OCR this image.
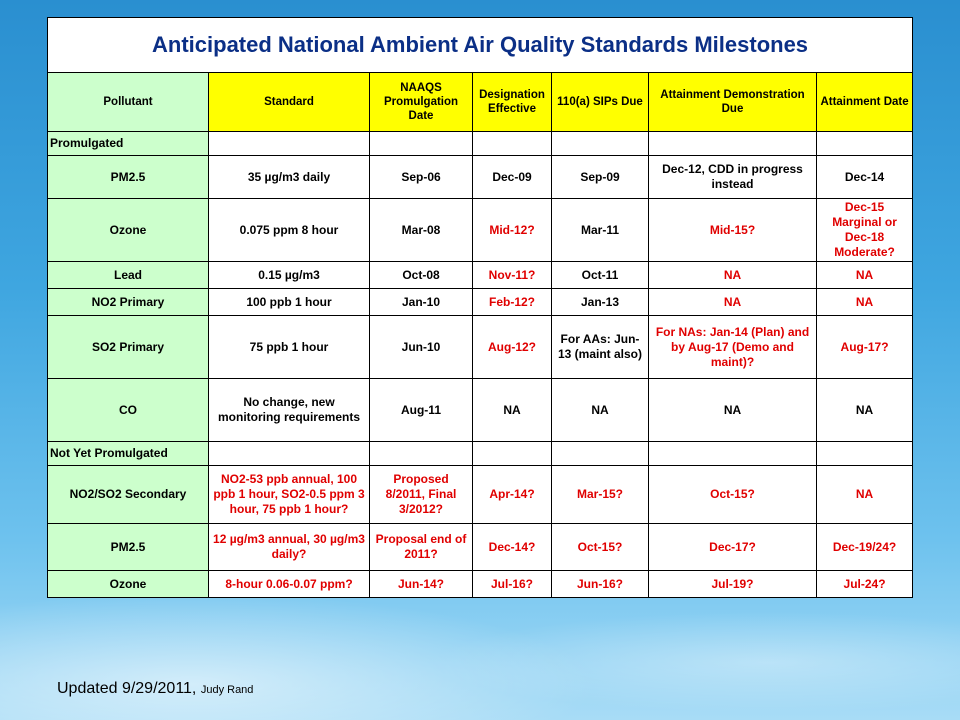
Anticipated National Ambient Air Quality Standards Milestones						
Pollutant	Standard	NAAQS Promulgation Date	Designation Effective	110(a) SIPs Due	Attainment Demonstration Due	Attainment Date
Promulgated						
PM2.5	35 µg/m3 daily	Sep-06	Dec-09	Sep-09	Dec-12, CDD in progress instead	Dec-14
Ozone	0.075 ppm 8 hour	Mar-08	Mid-12?	Mar-11	Mid-15?	Dec-15 Marginal or Dec-18 Moderate?
Lead	0.15 µg/m3	Oct-08	Nov-11?	Oct-11	NA	NA
NO2 Primary	100 ppb 1 hour	Jan-10	Feb-12?	Jan-13	NA	NA
SO2 Primary	75 ppb 1 hour	Jun-10	Aug-12?	For AAs: Jun-13 (maint also)	For NAs: Jan-14 (Plan) and by Aug-17 (Demo and maint)?	Aug-17?
CO	No change, new monitoring requirements	Aug-11	NA	NA	NA	NA
Not Yet Promulgated						
NO2/SO2 Secondary	NO2-53 ppb annual, 100 ppb 1 hour, SO2-0.5 ppm 3 hour, 75 ppb 1 hour?	Proposed 8/2011, Final 3/2012?	Apr-14?	Mar-15?	Oct-15?	NA
PM2.5	12 µg/m3 annual, 30 µg/m3 daily?	Proposal end of 2011?	Dec-14?	Oct-15?	Dec-17?	Dec-19/24?
Ozone	8-hour 0.06-0.07 ppm?	Jun-14?	Jul-16?	Jun-16?	Jul-19?	Jul-24?
Updated 9/29/2011, Judy Rand
